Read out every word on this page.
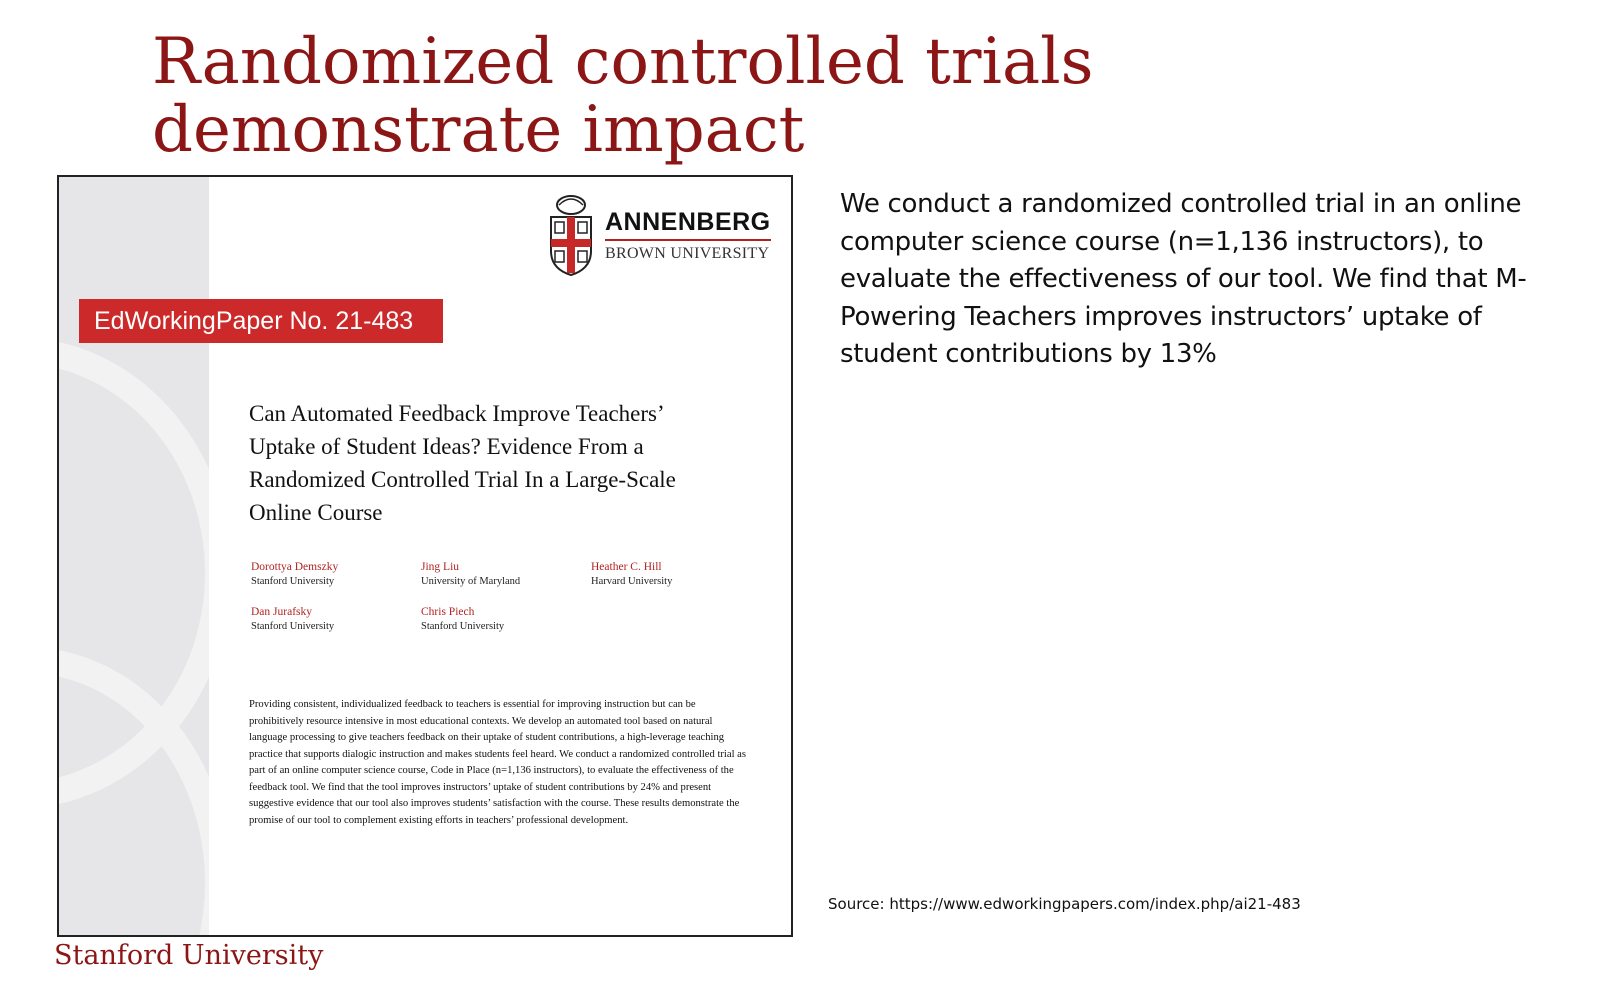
Randomized controlled trials demonstrate impact
ANNENBERG
BROWN UNIVERSITY
EdWorkingPaper No. 21-483
Can Automated Feedback Improve Teachers’ Uptake of Student Ideas? Evidence From a Randomized Controlled Trial In a Large-Scale Online Course
Dorottya Demszky
Stanford University
Jing Liu
University of Maryland
Heather C. Hill
Harvard University
Dan Jurafsky
Stanford University
Chris Piech
Stanford University
Providing consistent, individualized feedback to teachers is essential for improving instruction but can be prohibitively resource intensive in most educational contexts. We develop an automated tool based on natural language processing to give teachers feedback on their uptake of student contributions, a high-leverage teaching practice that supports dialogic instruction and makes students feel heard. We conduct a randomized controlled trial as part of an online computer science course, Code in Place (n=1,136 instructors), to evaluate the effectiveness of the feedback tool. We find that the tool improves instructors’ uptake of student contributions by 24% and present suggestive evidence that our tool also improves students’ satisfaction with the course. These results demonstrate the promise of our tool to complement existing efforts in teachers’ professional development.
We conduct a randomized controlled trial in an online computer science course (n=1,136 instructors), to evaluate the effectiveness of our tool. We find that M-Powering Teachers improves instructors’ uptake of student contributions by 13%
Source: https://www.edworkingpapers.com/index.php/ai21-483
Stanford University
